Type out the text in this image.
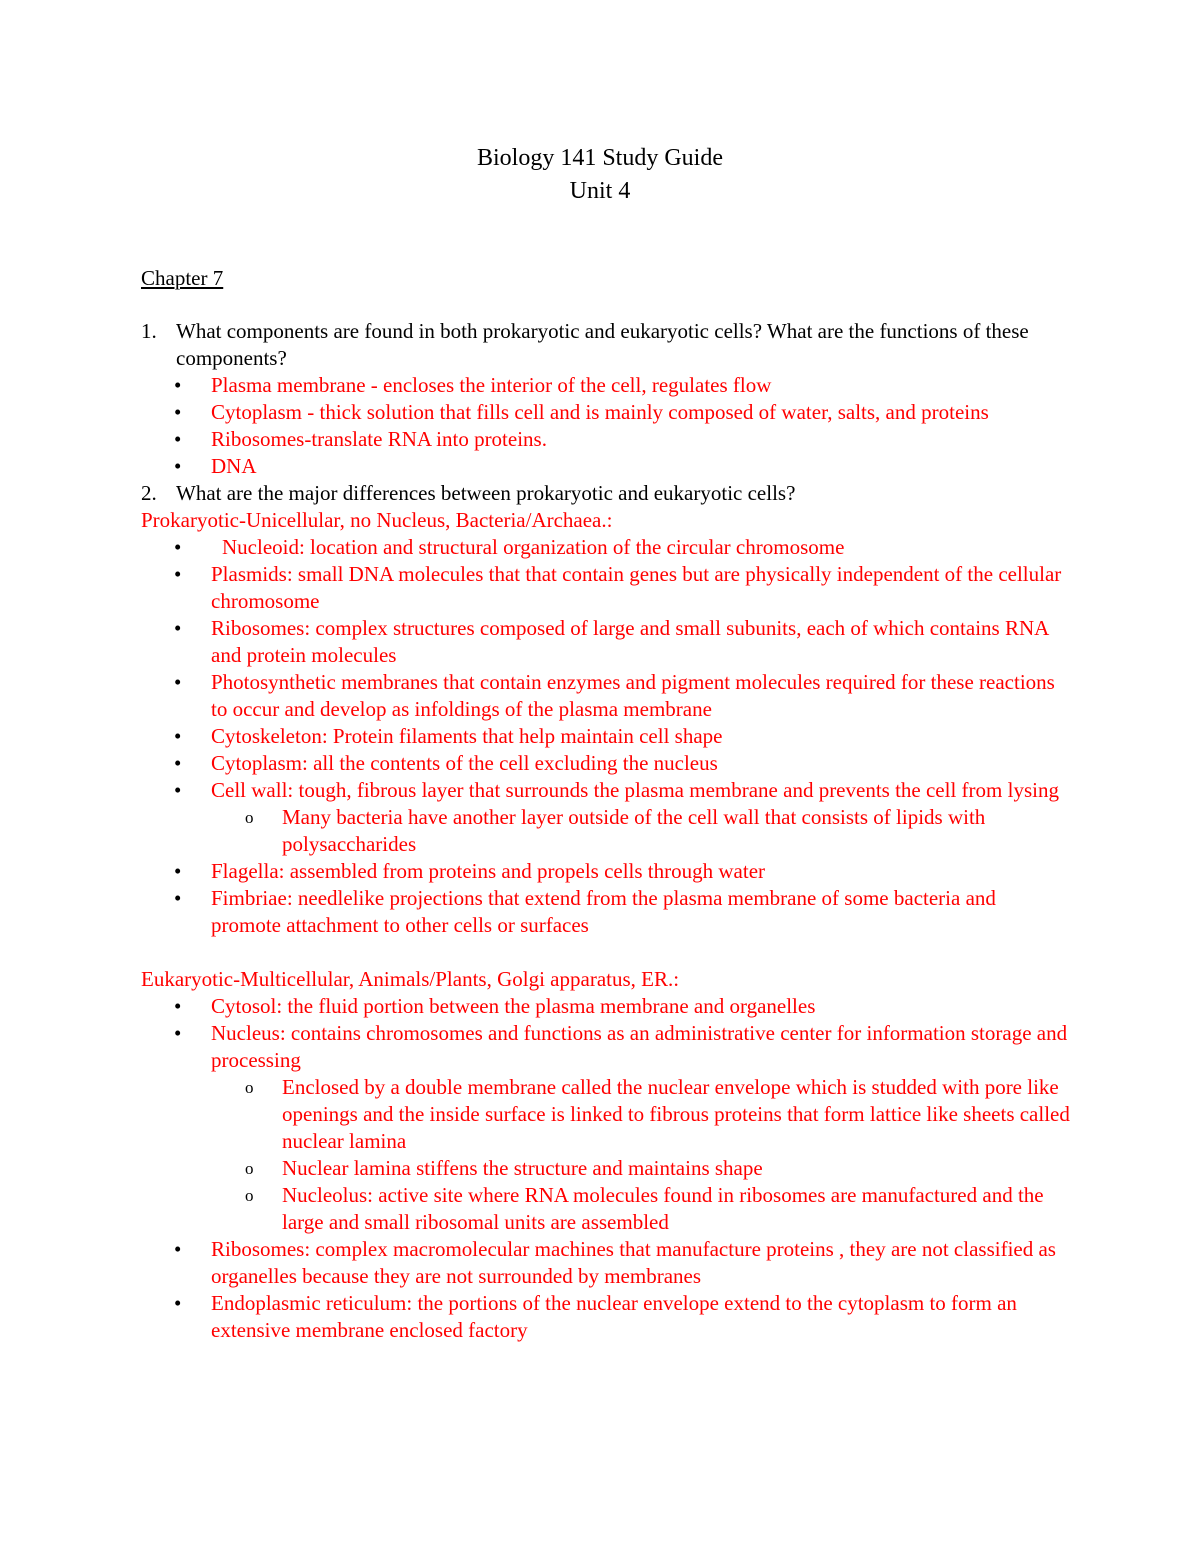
Biology 141 Study Guide
Unit 4

Chapter 7

1. What components are found in both prokaryotic and eukaryotic cells? What are the functions of these components?
• Plasma membrane - encloses the interior of the cell, regulates flow
• Cytoplasm - thick solution that fills cell and is mainly composed of water, salts, and proteins
• Ribosomes-translate RNA into proteins.
• DNA
2. What are the major differences between prokaryotic and eukaryotic cells?
Prokaryotic-Unicellular, no Nucleus, Bacteria/Archaea.:
• Nucleoid: location and structural organization of the circular chromosome
• Plasmids: small DNA molecules that that contain genes but are physically independent of the cellular chromosome
• Ribosomes: complex structures composed of large and small subunits, each of which contains RNA and protein molecules
• Photosynthetic membranes that contain enzymes and pigment molecules required for these reactions to occur and develop as infoldings of the plasma membrane
• Cytoskeleton: Protein filaments that help maintain cell shape
• Cytoplasm: all the contents of the cell excluding the nucleus
• Cell wall: tough, fibrous layer that surrounds the plasma membrane and prevents the cell from lysing
o Many bacteria have another layer outside of the cell wall that consists of lipids with polysaccharides
• Flagella: assembled from proteins and propels cells through water
• Fimbriae: needlelike projections that extend from the plasma membrane of some bacteria and promote attachment to other cells or surfaces
Eukaryotic-Multicellular, Animals/Plants, Golgi apparatus, ER.:
• Cytosol: the fluid portion between the plasma membrane and organelles
• Nucleus: contains chromosomes and functions as an administrative center for information storage and processing
o Enclosed by a double membrane called the nuclear envelope which is studded with pore like openings and the inside surface is linked to fibrous proteins that form lattice like sheets called nuclear lamina
o Nuclear lamina stiffens the structure and maintains shape
o Nucleolus: active site where RNA molecules found in ribosomes are manufactured and the large and small ribosomal units are assembled
• Ribosomes: complex macromolecular machines that manufacture proteins , they are not classified as organelles because they are not surrounded by membranes
• Endoplasmic reticulum: the portions of the nuclear envelope extend to the cytoplasm to form an extensive membrane enclosed factory
